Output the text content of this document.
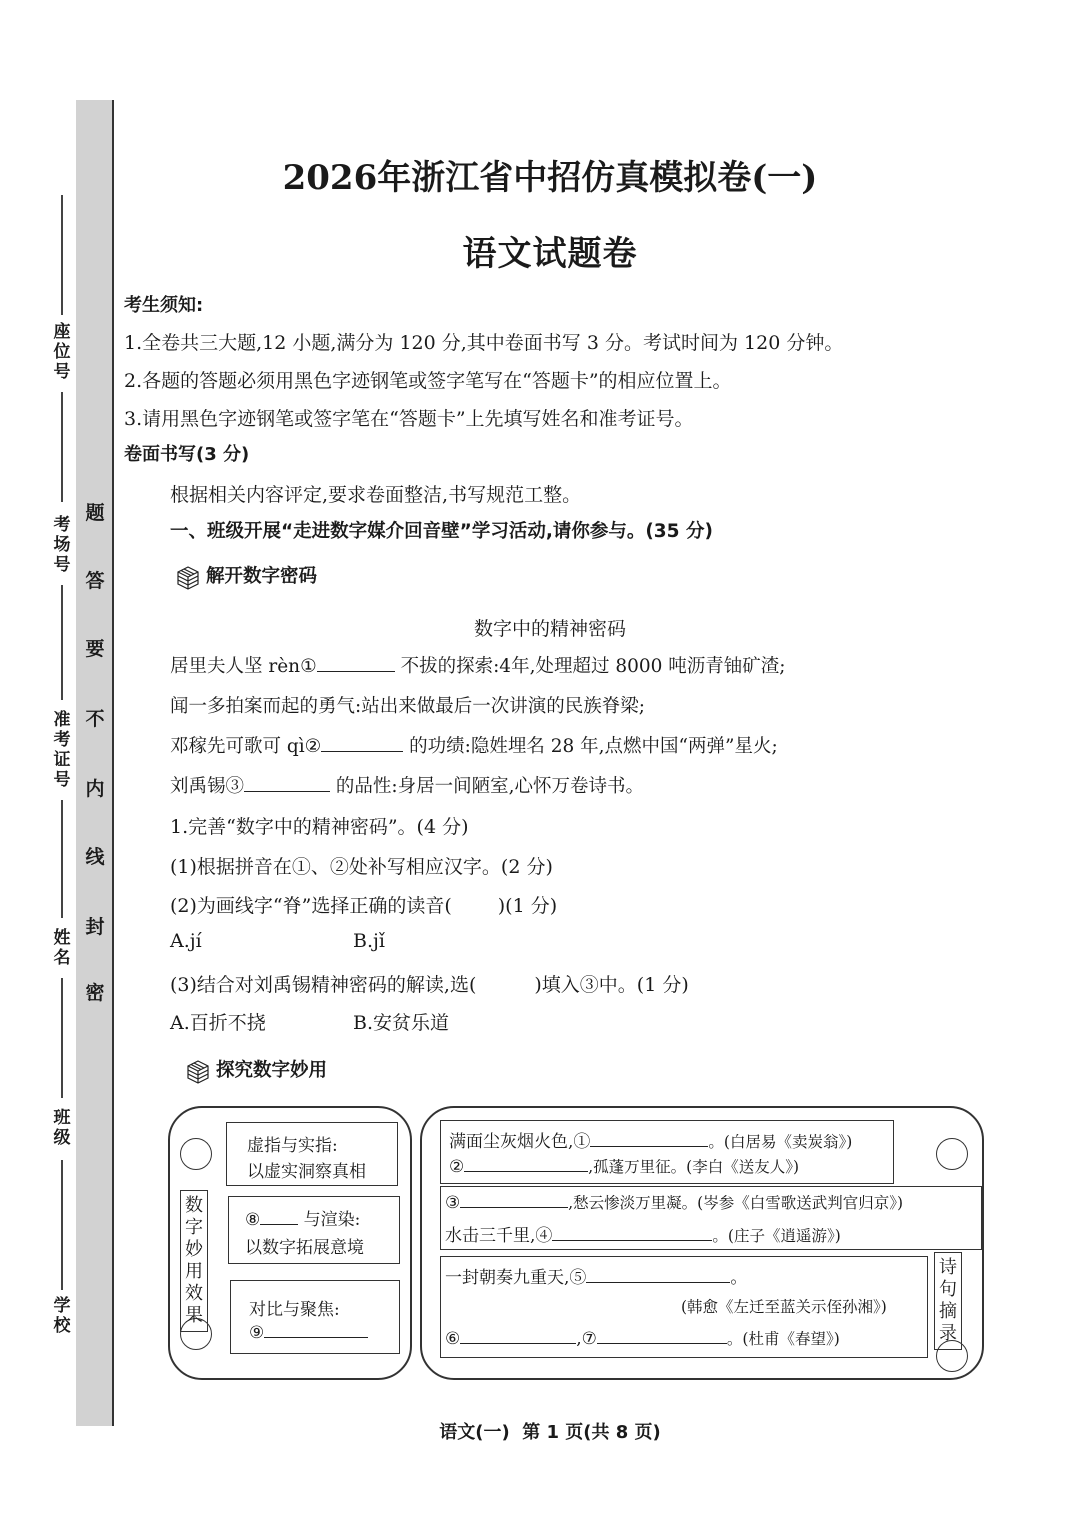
题
答
要
不
内
线
封
密
座位号
考场号
准考证号
姓名
班级
学校
2026年浙江省中招仿真模拟卷(一)
语文试题卷
考生须知:
1.全卷共三大题,12 小题,满分为 120 分,其中卷面书写 3 分。考试时间为 120 分钟。
2.各题的答题必须用黑色字迹钢笔或签字笔写在“答题卡”的相应位置上。
3.请用黑色字迹钢笔或签字笔在“答题卡”上先填写姓名和准考证号。
卷面书写(3 分)
根据相关内容评定,要求卷面整洁,书写规范工整。
一、班级开展“走进数字媒介回音壁”学习活动,请你参与。(35 分)
解开数字密码
数字中的精神密码
居里夫人坚 rèn①	不拔的探索:4年,处理超过 8000 吨沥青铀矿渣;
闻一多拍案而起的勇气:站出来做最后一次讲演的民族脊梁;
邓稼先可歌可 qì②	的功绩:隐姓埋名 28 年,点燃中国“两弹”星火;
刘禹锡③	的品性:身居一间陋室,心怀万卷诗书。
1.完善“数字中的精神密码”。(4 分)
(1)根据拼音在①、②处补写相应汉字。(2 分)
(2)为画线字“脊”选择正确的读音( )(1 分)
A.jí	B.jǐ
(3)结合对刘禹锡精神密码的解读,选(	)填入③中。(1 分)
A.百折不挠	B.安贫乐道
探究数字妙用
数字妙用效果
虚指与实指:
以虚实洞察真相
⑧	与渲染:
以数字拓展意境
对比与聚焦:
⑨
诗句摘录
满面尘灰烟火色,①	。(白居易《卖炭翁》)
②	,孤蓬万里征。(李白《送友人》)
③	,愁云惨淡万里凝。(岑参《白雪歌送武判官归京》)
水击三千里,④	。(庄子《逍遥游》)
一封朝奏九重天,⑤	。
(韩愈《左迁至蓝关示侄孙湘》)
⑥	,⑦	。(杜甫《春望》)
语文(一)  第 1 页(共 8 页)
